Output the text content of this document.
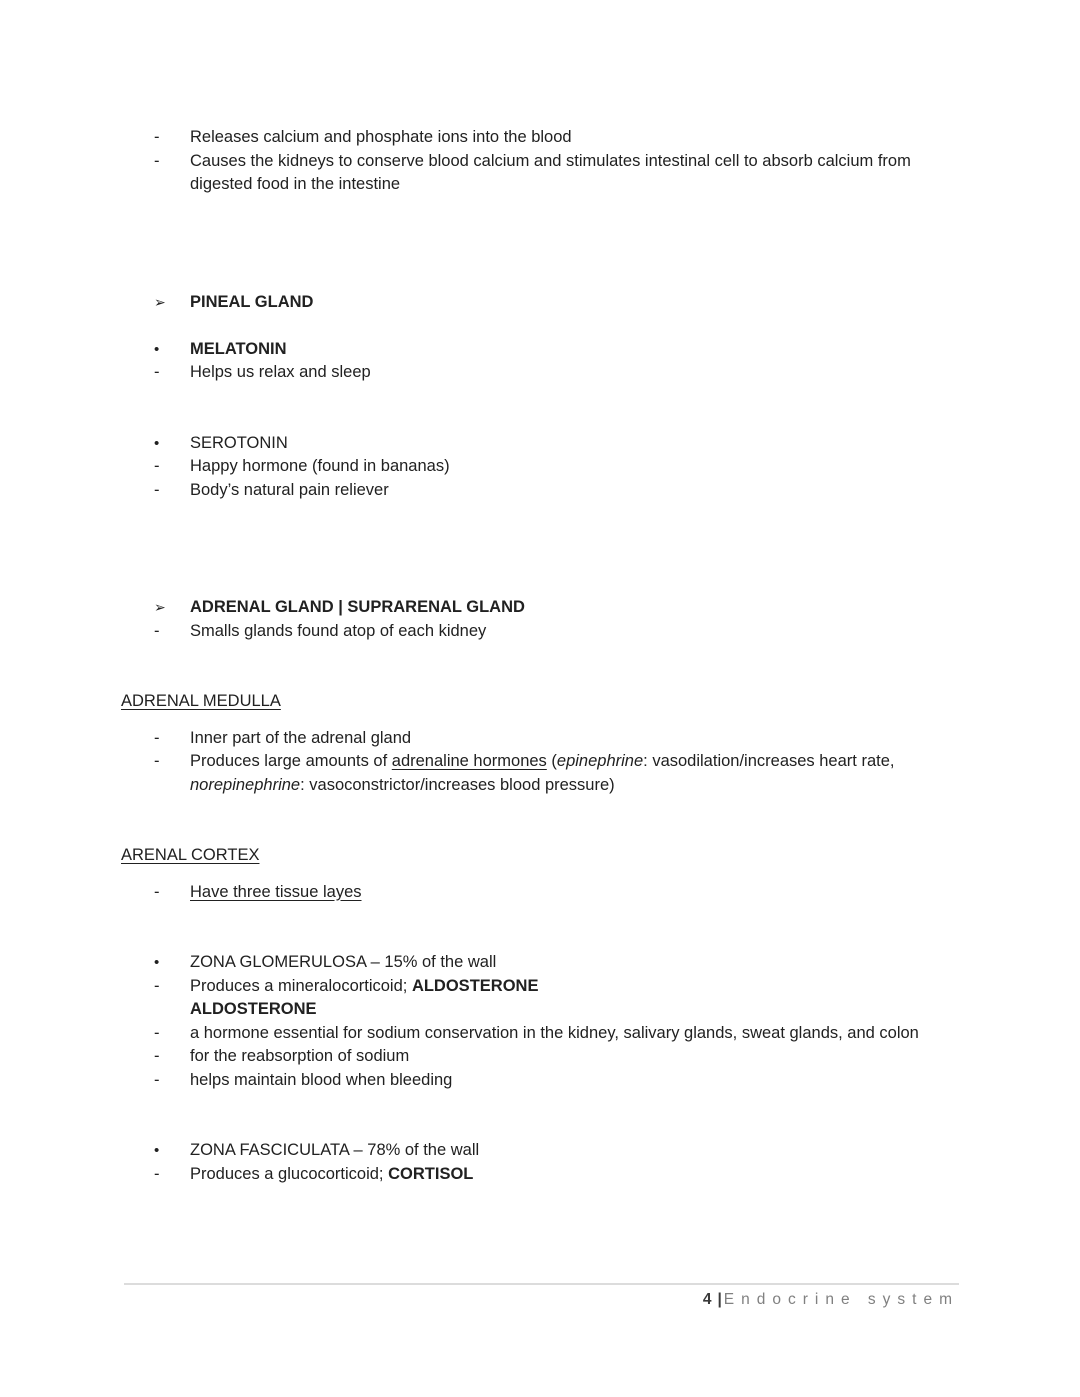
-	Releases calcium and phosphate ions into the blood
-	Causes the kidneys to conserve blood calcium and stimulates intestinal cell to absorb calcium from digested food in the intestine
➢	PINEAL GLAND
•	MELATONIN
-	Helps us relax and sleep
•	SEROTONIN
-	Happy hormone (found in bananas)
-	Body’s natural pain reliever
➢	ADRENAL GLAND | SUPRARENAL GLAND
-	Smalls glands found atop of each kidney
ADRENAL MEDULLA
-	Inner part of the adrenal gland
-	Produces large amounts of adrenaline hormones (epinephrine: vasodilation/increases heart rate, norepinephrine: vasoconstrictor/increases blood pressure)
ARENAL CORTEX
-	Have three tissue layes
•	ZONA GLOMERULOSA – 15% of the wall
-	Produces a mineralocorticoid; ALDOSTERONE
ALDOSTERONE
-	a hormone essential for sodium conservation in the kidney, salivary glands, sweat glands, and colon
-	for the reabsorption of sodium
-	helps maintain blood when bleeding
•	ZONA FASCICULATA – 78% of the wall
-	Produces a glucocorticoid; CORTISOL
4 | Endocrine system
